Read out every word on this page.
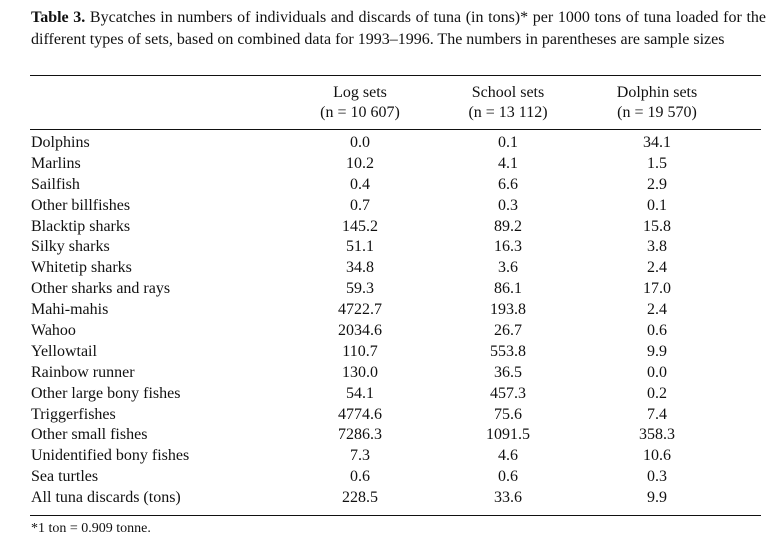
Table 3. Bycatches in numbers of individuals and discards of tuna (in tons)* per 1000 tons of tuna loaded for the different types of sets, based on combined data for 1993–1996. The numbers in parentheses are sample sizes
Log sets
(n = 10 607)
School sets
(n = 13 112)
Dolphin sets
(n = 19 570)
Dolphins	0.0	0.1	34.1
Marlins	10.2	4.1	1.5
Sailfish	0.4	6.6	2.9
Other billfishes	0.7	0.3	0.1
Blacktip sharks	145.2	89.2	15.8
Silky sharks	51.1	16.3	3.8
Whitetip sharks	34.8	3.6	2.4
Other sharks and rays	59.3	86.1	17.0
Mahi-mahis	4722.7	193.8	2.4
Wahoo	2034.6	26.7	0.6
Yellowtail	110.7	553.8	9.9
Rainbow runner	130.0	36.5	0.0
Other large bony fishes	54.1	457.3	0.2
Triggerfishes	4774.6	75.6	7.4
Other small fishes	7286.3	1091.5	358.3
Unidentified bony fishes	7.3	4.6	10.6
Sea turtles	0.6	0.6	0.3
All tuna discards (tons)	228.5	33.6	9.9
*1 ton = 0.909 tonne.
